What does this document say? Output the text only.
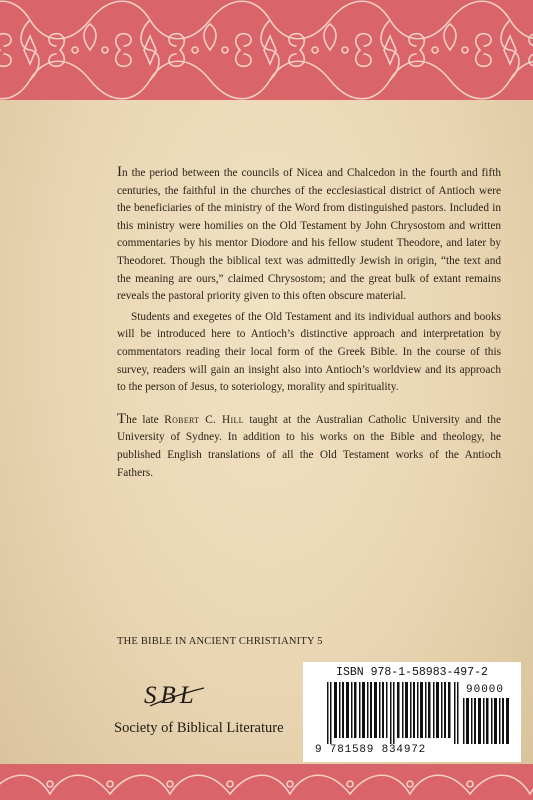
In the period between the councils of Nicea and Chalcedon in the fourth and fifth centuries, the faithful in the churches of the ecclesiastical district of Antioch were the beneficiaries of the ministry of the Word from distinguished pastors. Included in this ministry were homilies on the Old Testament by John Chrysostom and written commentaries by his mentor Diodore and his fellow student Theodore, and later by Theodoret. Though the biblical text was admittedly Jewish in origin, “the text and the meaning are ours,” claimed Chrysostom; and the great bulk of extant remains reveals the pastoral priority given to this often obscure material.

Students and exegetes of the Old Testament and its individual authors and books will be introduced here to Antioch’s distinctive approach and interpretation by commentators reading their local form of the Greek Bible. In the course of this survey, readers will gain an insight also into Antioch’s worldview and its approach to the person of Jesus, to soteriology, morality and spirituality.

The late Robert C. Hill taught at the Australian Catholic University and the University of Sydney. In addition to his works on the Bible and theology, he published English translations of all the Old Testament works of the Antioch Fathers.

THE BIBLE IN ANCIENT CHRISTIANITY 5
SBL
Society of Biblical Literature
ISBN 978-1-58983-497-2
90000
9 781589 834972
